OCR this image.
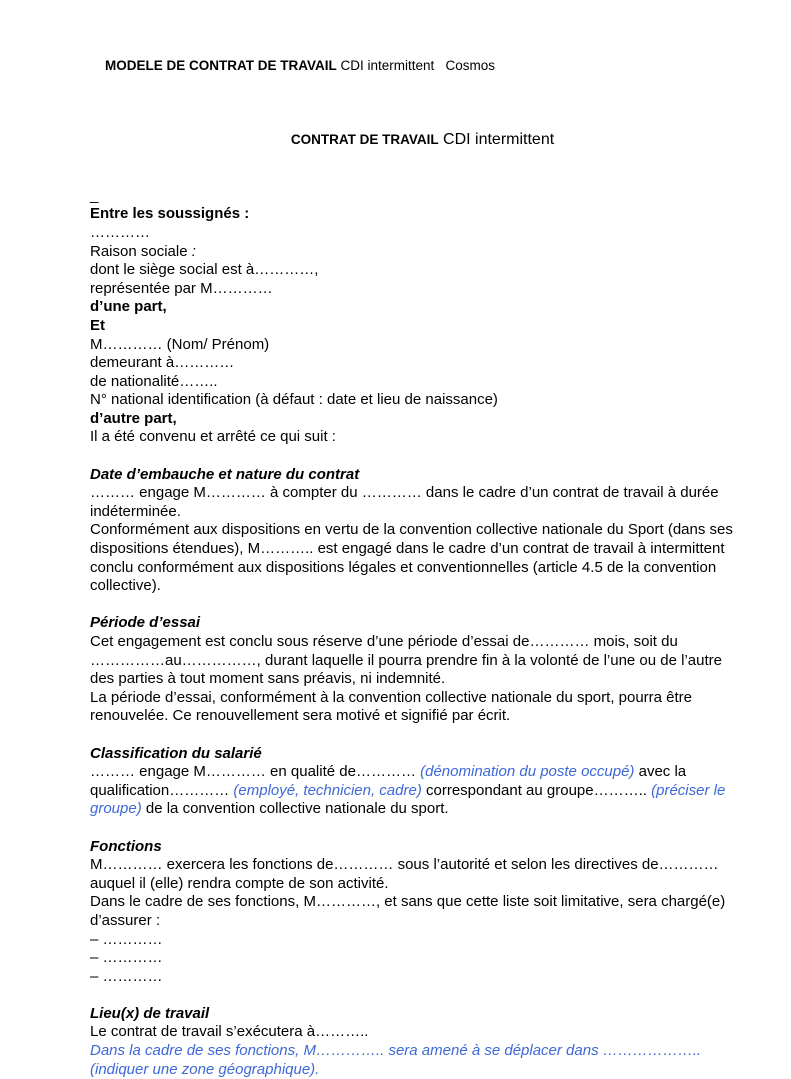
MODELE DE CONTRAT DE TRAVAIL CDI intermittent   Cosmos

CONTRAT DE TRAVAIL CDI intermittent

_
Entre les soussignés :
…………
Raison sociale :
dont le siège social est à…………,
représentée par M…………
d’une part,
Et
M………… (Nom/ Prénom)
demeurant à…………
de nationalité……..
N° national identification (à défaut : date et lieu de naissance)
d’autre part,
Il a été convenu et arrêté ce qui suit :
Date d’embauche et nature du contrat

……… engage M………… à compter du ………… dans le cadre d’un contrat de travail à durée indéterminée.

Conformément aux dispositions en vertu de la convention collective nationale du Sport (dans ses dispositions étendues), M……….. est engagé dans le cadre d’un contrat de travail à intermittent conclu conformément aux dispositions légales et conventionnelles (article 4.5 de la convention collective).

Période d’essai

Cet engagement est conclu sous réserve d’une période d’essai de………… mois, soit du ……………au……………, durant laquelle il pourra prendre fin à la volonté de l’une ou de l’autre des parties à tout moment sans préavis, ni indemnité.

La période d’essai, conformément à la convention collective nationale du sport, pourra être renouvelée. Ce renouvellement sera motivé et signifié par écrit.

Classification du salarié

……… engage M………… en qualité de………… (dénomination du poste occupé) avec la qualification………… (employé, technicien, cadre) correspondant au groupe……….. (préciser le groupe) de la convention collective nationale du sport.

Fonctions

M………… exercera les fonctions de………… sous l’autorité et selon les directives de………… auquel il (elle) rendra compte de son activité.

Dans le cadre de ses fonctions, M…………, et sans que cette liste soit limitative, sera chargé(e) d’assurer :

– …………
– …………
– …………
Lieu(x) de travail

Le contrat de travail s’exécutera à………..

Dans la cadre de ses fonctions, M………….. sera amené à se déplacer dans ………………..
(indiquer une zone géographique).
